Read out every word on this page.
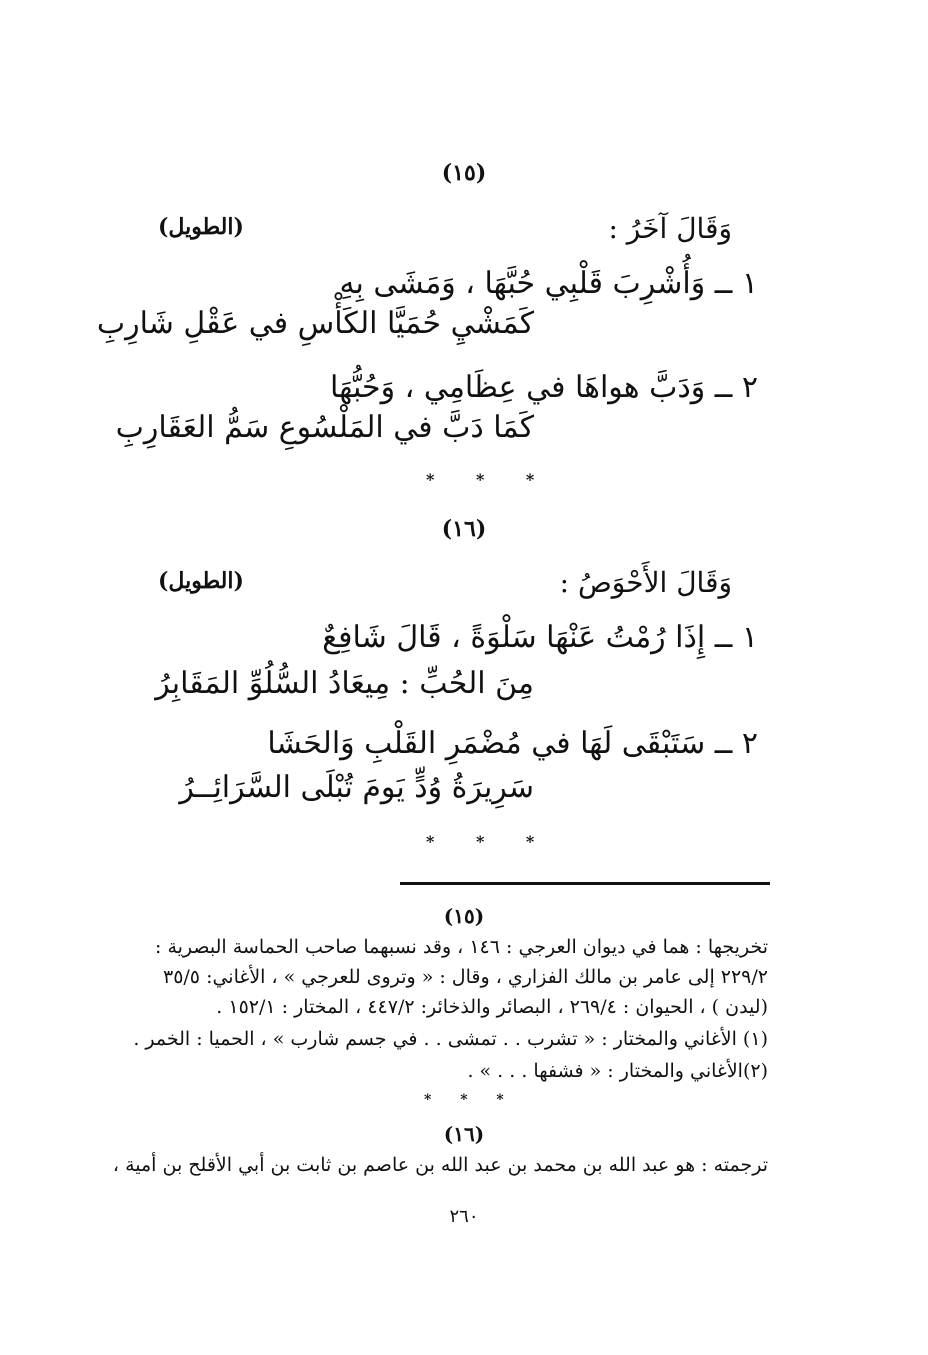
(١٥)
وَقَالَ آخَرُ :
(الطويل)
١ ــ وَأُشْرِبَ قَلْبِي حُبَّهَا ، وَمَشَى بِهِ
كَمَشْيِ حُمَيَّا الكَأْسِ في عَقْلِ شَارِبِ
٢ ــ وَدَبَّ هواهَا في عِظَامِي ، وَحُبُّهَا
كَمَا دَبَّ في المَلْسُوعِ سَمُّ العَقَارِبِ
* * *
(١٦)
وَقَالَ الأَحْوَصُ :
(الطويل)
١ ــ إِذَا رُمْتُ عَنْهَا سَلْوَةً ، قَالَ شَافِعٌ
مِنَ الحُبِّ : مِيعَادُ السُّلُوِّ المَقَابِرُ
٢ ــ سَتَبْقَى لَهَا في مُضْمَرِ القَلْبِ وَالحَشَا
سَرِيرَةُ وُدٍّ يَومَ تُبْلَى السَّرَائِــرُ
* * *
(١٥)
تخريجها : هما في ديوان العرجي : ١٤٦ ، وقد نسبهما صاحب الحماسة البصرية :
٢٢٩/٢ إلى عامر بن مالك الفزاري ، وقال : « وتروى للعرجي » ، الأغاني: ٣٥/٥
(ليدن ) ، الحيوان : ٢٦٩/٤ ، البصائر والذخائر: ٤٤٧/٢ ، المختار : ١٥٢/١ .
(١) الأغاني والمختار : « تشرب . . تمشى . . في جسم شارب » ، الحميا : الخمر .
(٢)الأغاني والمختار : « فشفها . . . » .
* * *
(١٦)
ترجمته : هو عبد الله بن محمد بن عبد الله بن عاصم بن ثابت بن أبي الأقلح بن أمية ،
٢٦٠
